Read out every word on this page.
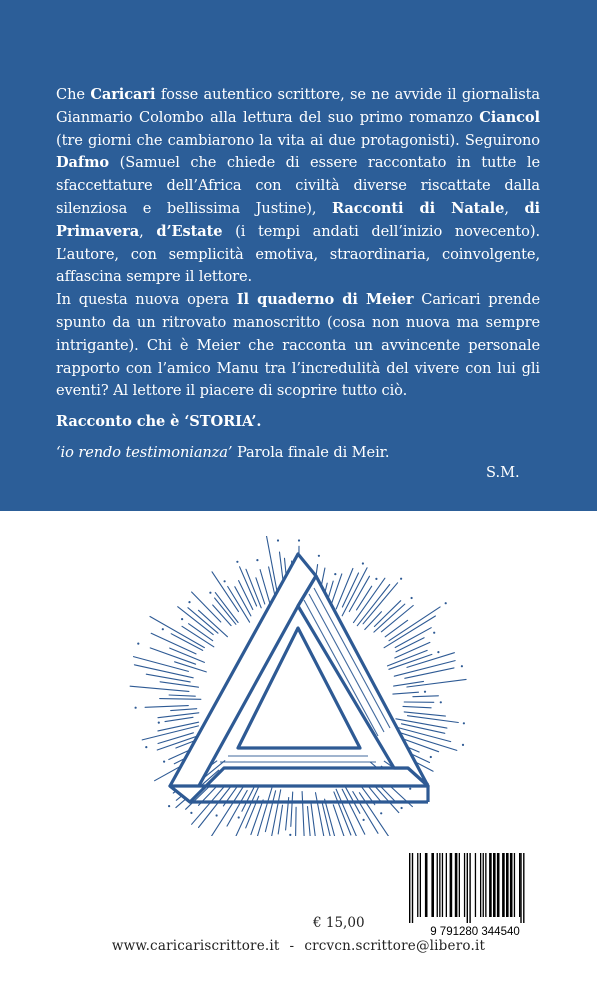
Che Caricari fosse autentico scrittore, se ne avvide il giornalista Gianmario Colombo alla lettura del suo primo romanzo Ciancol (tre giorni che cambiarono la vita ai due protagonisti). Seguirono Dafmo (Samuel che chiede di essere raccontato in tutte le sfaccettature dell’Africa con civiltà diverse riscattate dalla silenziosa e bellissima Justine), Racconti di Natale, di Primavera, d’Estate (i tempi andati dell’inizio novecento). L’autore, con semplicità emotiva, straordinaria, coinvolgente, affascina sempre il lettore.

In questa nuova opera Il quaderno di Meier Caricari prende spunto da un ritrovato manoscritto (cosa non nuova ma sempre intrigante). Chi è Meier che racconta un avvincente personale rapporto con l’amico Manu tra l’incredulità del vivere con lui gli eventi? Al lettore il piacere di scoprire tutto ciò.

Racconto che è ‘STORIA’.

‘io rendo testimonianza’ Parola finale di Meir.

S.M.
9 791280 344540
€ 15,00
www.caricariscrittore.it - crcvcn.scrittore@libero.it
